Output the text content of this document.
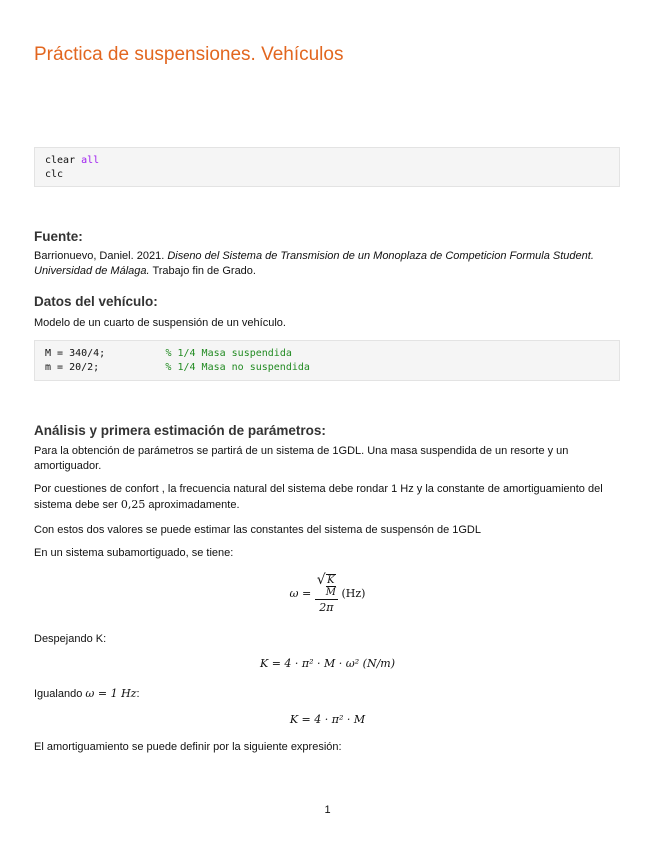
Práctica de suspensiones. Vehículos
clear all
clc
Fuente:

Barrionuevo, Daniel. 2021. Diseno del Sistema de Transmision de un Monoplaza de Competicion Formula Student. Universidad de Málaga. Trabajo fin de Grado.

Datos del vehículo:

Modelo de un cuarto de suspensión de un vehículo.

M = 340/4;	% 1/4 Masa suspendida
m = 20/2;	% 1/4 Masa no suspendida
Análisis y primera estimación de parámetros:

Para la obtención de parámetros se partirá de un sistema de 1GDL. Una masa suspendida de un resorte y un amortiguador.

Por cuestiones de confort , la frecuencia natural del sistema debe rondar 1 Hz y la constante de amortiguamiento del sistema debe ser 0,25 aproximadamente.

Con estos dos valores se puede estimar las constantes del sistema de suspensón de 1GDL

En un sistema subamortiguado, se tiene:

$\omega = \frac{√ \frac{K}{M}}{2\pi} (Hz)$

Despejando K:

K = 4 · π² · M · ω² (N/m)

Igualando ω = 1 Hz:

K = 4 · π² · M

El amortiguamiento se puede definir por la siguiente expresión:

1
